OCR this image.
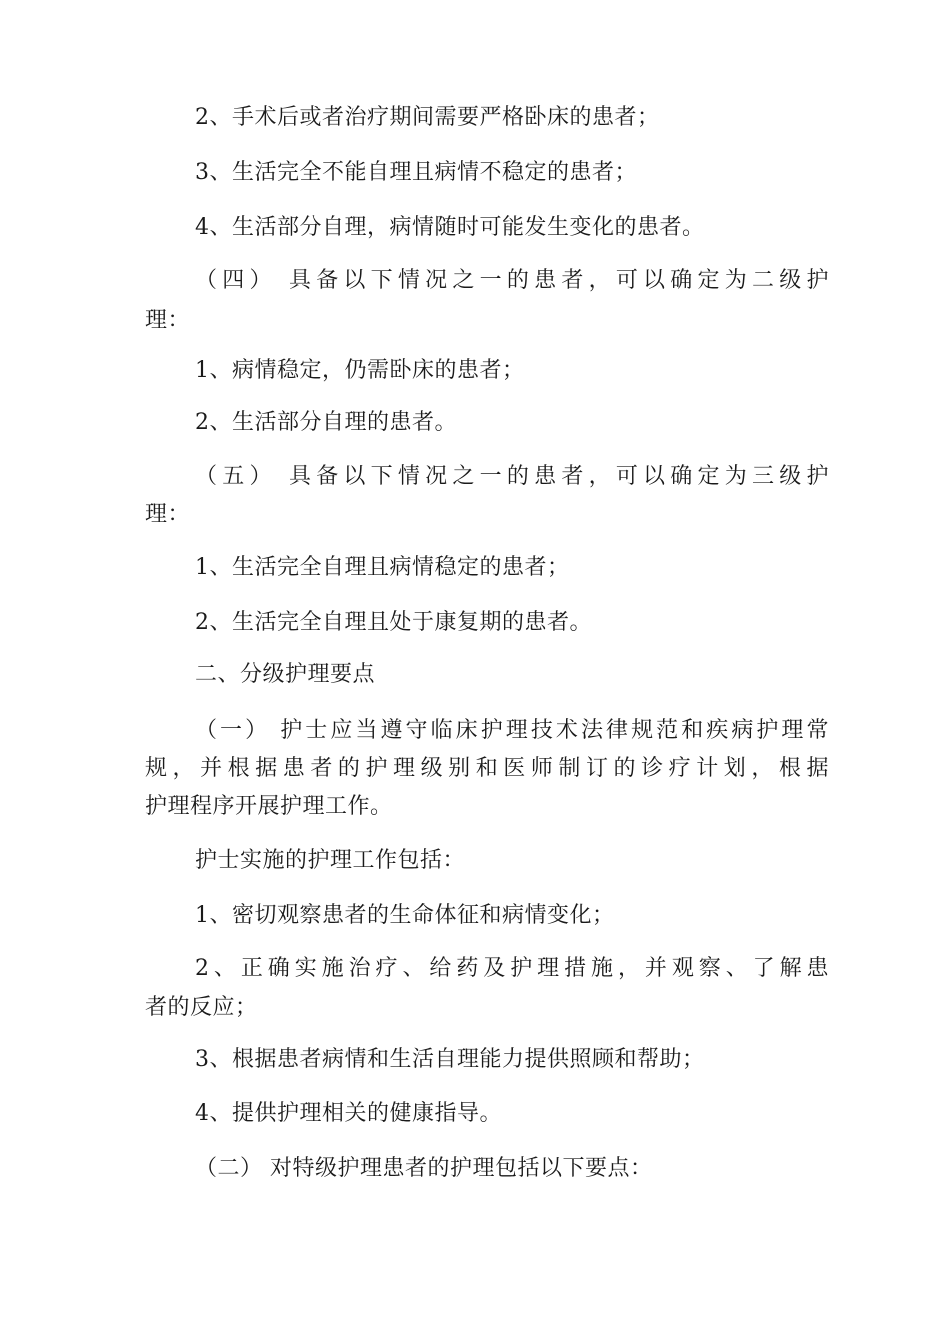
2、手术后或者治疗期间需要严格卧床的患者；
3、生活完全不能自理且病情不稳定的患者；
4、生活部分自理，病情随时可能发生变化的患者。
（四） 具备以下情况之一的患者，可以确定为二级护
理：
1、病情稳定，仍需卧床的患者；
2、生活部分自理的患者。
（五） 具备以下情况之一的患者，可以确定为三级护
理：
1、生活完全自理且病情稳定的患者；
2、生活完全自理且处于康复期的患者。
二、分级护理要点
（一） 护士应当遵守临床护理技术法律规范和疾病护理常
规，并根据患者的护理级别和医师制订的诊疗计划，根据
护理程序开展护理工作。
护士实施的护理工作包括：
1、密切观察患者的生命体征和病情变化；
2、正确实施治疗、给药及护理措施，并观察、了解患
者的反应；
3、根据患者病情和生活自理能力提供照顾和帮助；
4、提供护理相关的健康指导。
（二） 对特级护理患者的护理包括以下要点：
